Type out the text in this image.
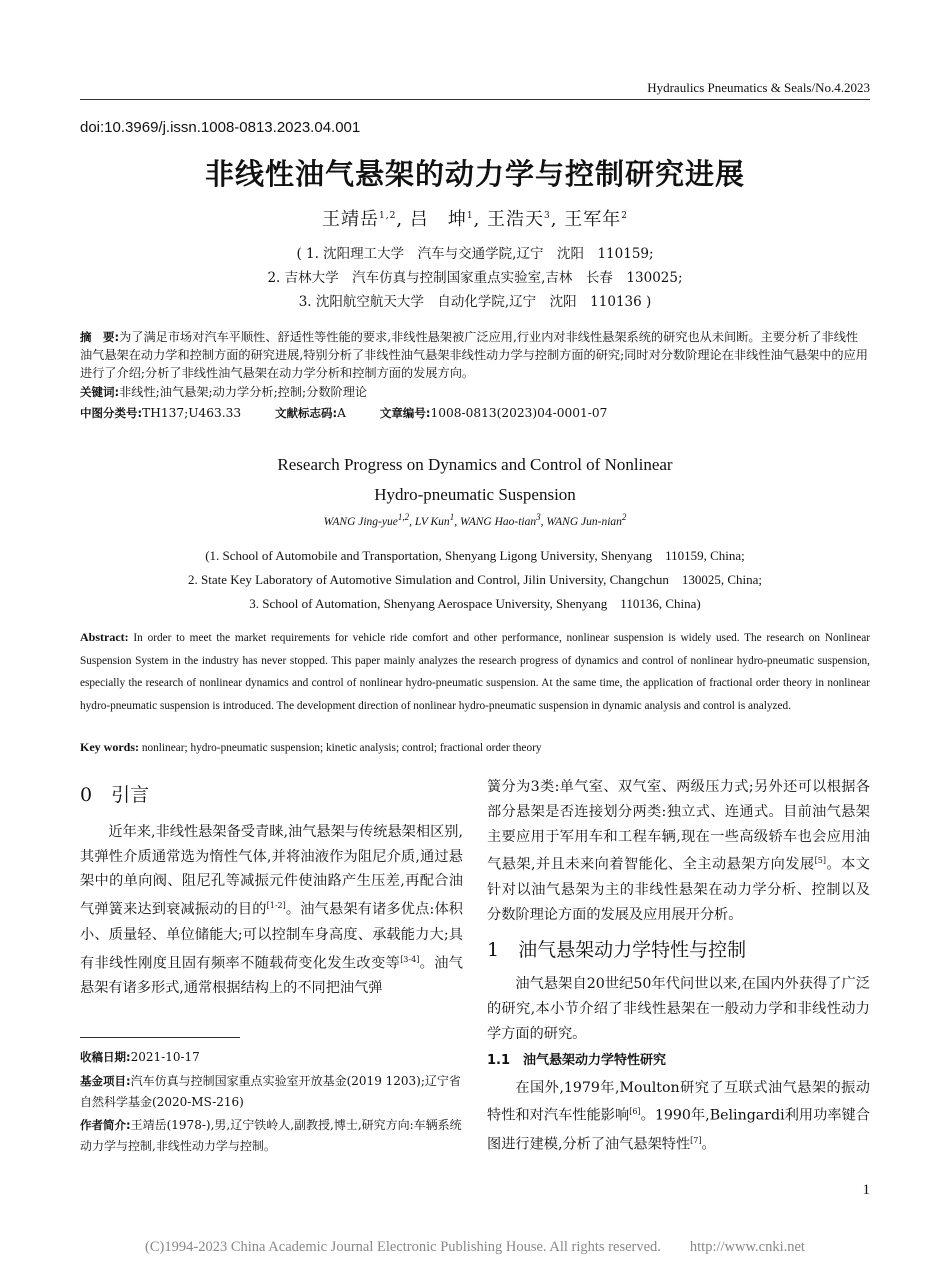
Hydraulics Pneumatics & Seals/No.4.2023
doi:10.3969/j.issn.1008-0813.2023.04.001
非线性油气悬架的动力学与控制研究进展
王靖岳$^{1,2}$, 吕　坤$^1$, 王浩天$^3$, 王军年$^2$
( 1. 沈阳理工大学　汽车与交通学院,辽宁　沈阳　110159;
2. 吉林大学　汽车仿真与控制国家重点实验室,吉林　长春　130025;
3. 沈阳航空航天大学　自动化学院,辽宁　沈阳　110136 )
摘　要:为了满足市场对汽车平顺性、舒适性等性能的要求,非线性悬架被广泛应用,行业内对非线性悬架系统的研究也从未间断。主要分析了非线性油气悬架在动力学和控制方面的研究进展,特别分析了非线性油气悬架非线性动力学与控制方面的研究;同时对分数阶理论在非线性油气悬架中的应用进行了介绍;分析了非线性油气悬架在动力学分析和控制方面的发展方向。
关键词:非线性;油气悬架;动力学分析;控制;分数阶理论
中图分类号:TH137;U463.33	文献标志码:A	文章编号:1008-0813(2023)04-0001-07
Research Progress on Dynamics and Control of Nonlinear
Hydro-pneumatic Suspension
WANG Jing-yue$^{1,2}$, LV Kun$^1$, WANG Hao-tian$^3$, WANG Jun-nian$^2$
(1. School of Automobile and Transportation, Shenyang Ligong University, Shenyang　110159, China;
2. State Key Laboratory of Automotive Simulation and Control, Jilin University, Changchun　130025, China;
3. School of Automation, Shenyang Aerospace University, Shenyang　110136, China)
Abstract: In order to meet the market requirements for vehicle ride comfort and other performance, nonlinear suspension is widely used. The research on Nonlinear Suspension System in the industry has never stopped. This paper mainly analyzes the research progress of dynamics and control of nonlinear hydro-pneumatic suspension, especially the research of nonlinear dynamics and control of nonlinear hydro-pneumatic suspension. At the same time, the application of fractional order theory in nonlinear hydro-pneumatic suspension is introduced. The development direction of nonlinear hydro-pneumatic suspension in dynamic analysis and control is analyzed.
Key words: nonlinear; hydro-pneumatic suspension; kinetic analysis; control; fractional order theory
0　引言

近年来,非线性悬架备受青睐,油气悬架与传统悬架相区别,其弹性介质通常选为惰性气体,并将油液作为阻尼介质,通过悬架中的单向阀、阻尼孔等减振元件使油路产生压差,再配合油气弹簧来达到衰减振动的目的[1-2]。油气悬架有诸多优点:体积小、质量轻、单位储能大;可以控制车身高度、承载能力大;具有非线性刚度且固有频率不随载荷变化发生改变等[3-4]。油气悬架有诸多形式,通常根据结构上的不同把油气弹

收稿日期:2021-10-17
基金项目:汽车仿真与控制国家重点实验室开放基金(2019 1203);辽宁省自然科学基金(2020-MS-216)
作者简介:王靖岳(1978-),男,辽宁铁岭人,副教授,博士,研究方向:车辆系统动力学与控制,非线性动力学与控制。

簧分为3类:单气室、双气室、两级压力式;另外还可以根据各部分悬架是否连接划分两类:独立式、连通式。目前油气悬架主要应用于军用车和工程车辆,现在一些高级轿车也会应用油气悬架,并且未来向着智能化、全主动悬架方向发展[5]。本文针对以油气悬架为主的非线性悬架在动力学分析、控制以及分数阶理论方面的发展及应用展开分析。

1　油气悬架动力学特性与控制

油气悬架自20世纪50年代问世以来,在国内外获得了广泛的研究,本小节介绍了非线性悬架在一般动力学和非线性动力学方面的研究。

1.1　油气悬架动力学特性研究

在国外,1979年,Moulton研究了互联式油气悬架的振动特性和对汽车性能影响[6]。1990年,Belingardi利用功率键合图进行建模,分析了油气悬架特性[7]。

1
(C)1994-2023 China Academic Journal Electronic Publishing House. All rights reserved.　　http://www.cnki.net
